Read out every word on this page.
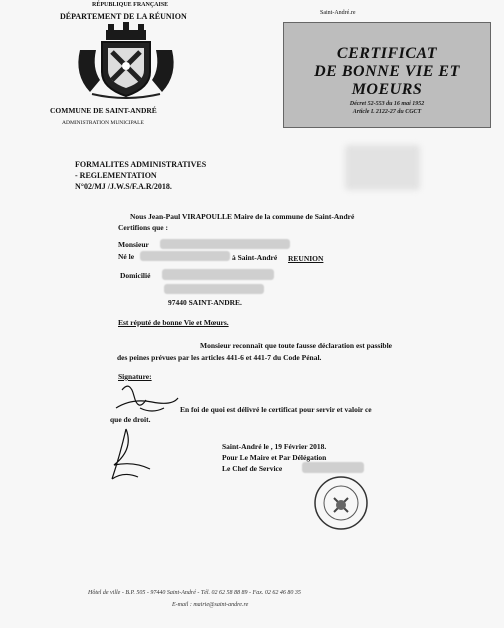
RÉPUBLIQUE FRANÇAISE
DÉPARTEMENT DE LA RÉUNION
COMMUNE DE SAINT-ANDRÉ
ADMINISTRATION MUNICIPALE
Saint-André.re
CERTIFICAT
DE BONNE VIE ET
MOEURS
Décret 52-553 du 16 mai 1952
Article L 2122-27 du CGCT
FORMALITES ADMINISTRATIVES
- REGLEMENTATION
N°02/MJ /J.W.S/F.A.R/2018.
Nous Jean-Paul VIRAPOULLE Maire de la commune de Saint-André
Certifions que :
Monsieur
Né le	à Saint-André REUNION
Domicilié
97440 SAINT-ANDRE.
Est réputé de bonne Vie et Mœurs.
Monsieur reconnaît que toute fausse déclaration est passible
des peines prévues par les articles 441-6 et 441-7 du Code Pénal.
Signature:
En foi de quoi est délivré le certificat pour servir et valoir ce
que de droit.
Saint-André le , 19 Février 2018.
Pour Le Maire et Par Délégation
Le Chef de Service
Hôtel de ville - B.P. 505 - 97440 Saint-André - Tél. 02 62 58 88 89 - Fax. 02 62 46 80 35
E-mail : mairie@saint-andre.re
